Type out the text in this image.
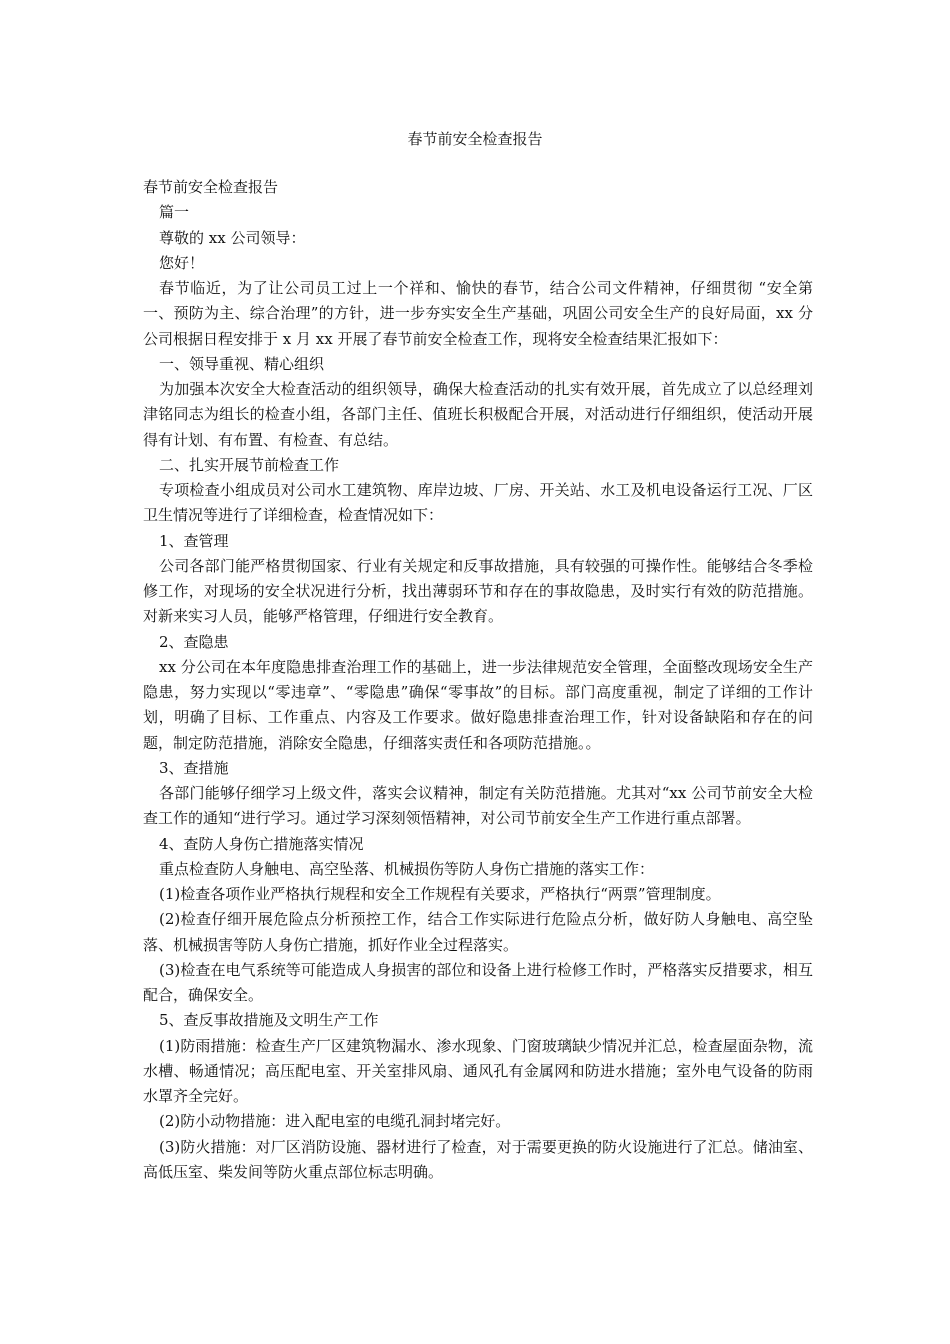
春节前安全检查报告

春节前安全检查报告

篇一

尊敬的 xx 公司领导：

您好！

春节临近，为了让公司员工过上一个祥和、愉快的春节，结合公司文件精神，仔细贯彻 “安全第一、预防为主、综合治理”的方针，进一步夯实安全生产基础，巩固公司安全生产的良好局面，xx 分公司根据日程安排于 x 月 xx 开展了春节前安全检查工作，现将安全检查结果汇报如下：

一、领导重视、精心组织

为加强本次安全大检查活动的组织领导，确保大检查活动的扎实有效开展，首先成立了以总经理刘津铭同志为组长的检查小组，各部门主任、值班长积极配合开展，对活动进行仔细组织，使活动开展得有计划、有布置、有检查、有总结。

二、扎实开展节前检查工作

专项检查小组成员对公司水工建筑物、库岸边坡、厂房、开关站、水工及机电设备运行工况、厂区卫生情况等进行了详细检查，检查情况如下：

1、查管理

公司各部门能严格贯彻国家、行业有关规定和反事故措施，具有较强的可操作性。能够结合冬季检修工作，对现场的安全状况进行分析，找出薄弱环节和存在的事故隐患，及时实行有效的防范措施。对新来实习人员，能够严格管理，仔细进行安全教育。

2、查隐患

xx 分公司在本年度隐患排查治理工作的基础上，进一步法律规范安全管理，全面整改现场安全生产隐患，努力实现以“零违章”、“零隐患”确保“零事故”的目标。部门高度重视，制定了详细的工作计划，明确了目标、工作重点、内容及工作要求。做好隐患排查治理工作，针对设备缺陷和存在的问题，制定防范措施，消除安全隐患，仔细落实责任和各项防范措施。。

3、查措施

各部门能够仔细学习上级文件，落实会议精神，制定有关防范措施。尤其对“xx 公司节前安全大检查工作的通知“进行学习。通过学习深刻领悟精神，对公司节前安全生产工作进行重点部署。

4、查防人身伤亡措施落实情况

重点检查防人身触电、高空坠落、机械损伤等防人身伤亡措施的落实工作：

(1)检查各项作业严格执行规程和安全工作规程有关要求，严格执行“两票”管理制度。

(2)检查仔细开展危险点分析预控工作，结合工作实际进行危险点分析，做好防人身触电、高空坠落、机械损害等防人身伤亡措施，抓好作业全过程落实。

(3)检查在电气系统等可能造成人身损害的部位和设备上进行检修工作时，严格落实反措要求，相互配合，确保安全。

5、查反事故措施及文明生产工作

(1)防雨措施：检查生产厂区建筑物漏水、渗水现象、门窗玻璃缺少情况并汇总，检查屋面杂物，流水槽、畅通情况；高压配电室、开关室排风扇、通风孔有金属网和防进水措施；室外电气设备的防雨水罩齐全完好。

(2)防小动物措施：进入配电室的电缆孔洞封堵完好。

(3)防火措施：对厂区消防设施、器材进行了检查，对于需要更换的防火设施进行了汇总。储油室、高低压室、柴发间等防火重点部位标志明确。
